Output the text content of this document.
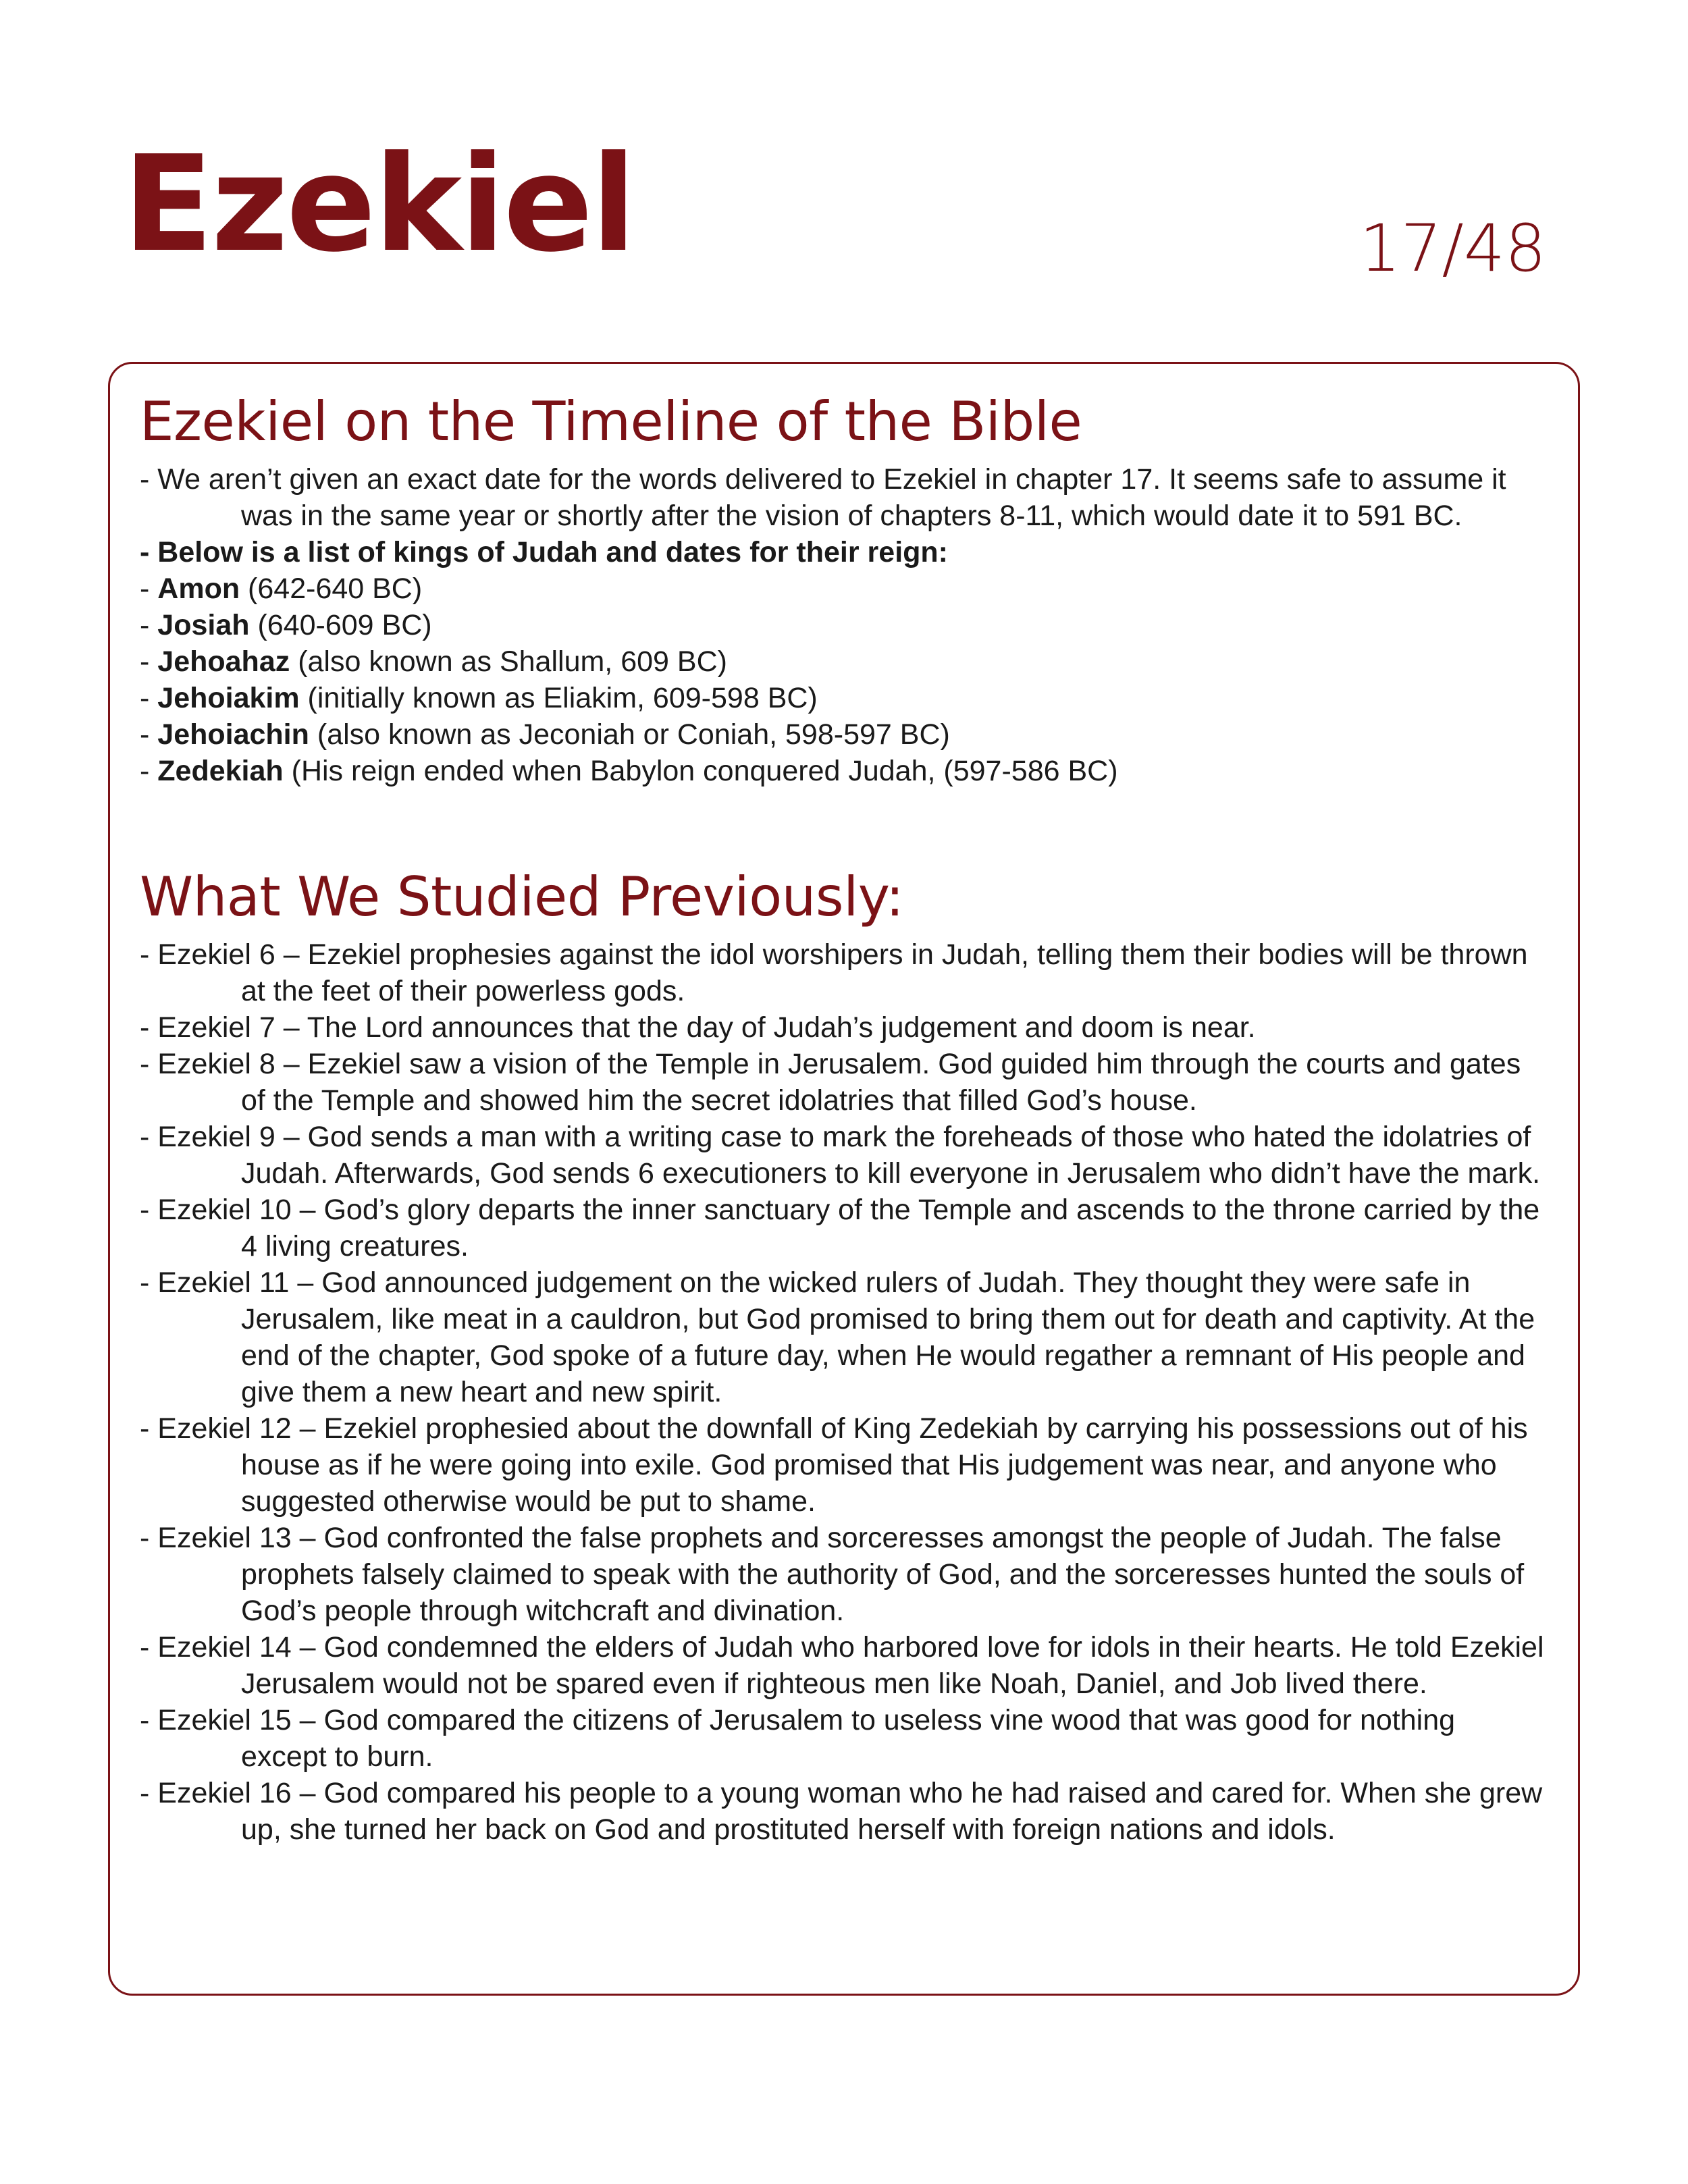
Ezekiel	17/48
Ezekiel on the Timeline of the Bible
- We aren’t given an exact date for the words delivered to Ezekiel in chapter 17. It seems safe to assume it was in the same year or shortly after the vision of chapters 8-11, which would date it to 591 BC.
- Below is a list of kings of Judah and dates for their reign:
- Amon (642-640 BC)
- Josiah (640-609 BC)
- Jehoahaz (also known as Shallum, 609 BC)
- Jehoiakim (initially known as Eliakim, 609-598 BC)
- Jehoiachin (also known as Jeconiah or Coniah, 598-597 BC)
- Zedekiah (His reign ended when Babylon conquered Judah, (597-586 BC)
What We Studied Previously:
- Ezekiel 6 – Ezekiel prophesies against the idol worshipers in Judah, telling them their bodies will be thrown at the feet of their powerless gods.
- Ezekiel 7 – The Lord announces that the day of Judah’s judgement and doom is near.
- Ezekiel 8 – Ezekiel saw a vision of the Temple in Jerusalem. God guided him through the courts and gates of the Temple and showed him the secret idolatries that filled God’s house.
- Ezekiel 9 – God sends a man with a writing case to mark the foreheads of those who hated the idolatries of Judah. Afterwards, God sends 6 executioners to kill everyone in Jerusalem who didn’t have the mark.
- Ezekiel 10 – God’s glory departs the inner sanctuary of the Temple and ascends to the throne carried by the 4 living creatures.
- Ezekiel 11 – God announced judgement on the wicked rulers of Judah. They thought they were safe in Jerusalem, like meat in a cauldron, but God promised to bring them out for death and captivity. At the end of the chapter, God spoke of a future day, when He would regather a remnant of His people and give them a new heart and new spirit.
- Ezekiel 12 – Ezekiel prophesied about the downfall of King Zedekiah by carrying his possessions out of his house as if he were going into exile. God promised that His judgement was near, and anyone who suggested otherwise would be put to shame.
- Ezekiel 13 – God confronted the false prophets and sorceresses amongst the people of Judah. The false prophets falsely claimed to speak with the authority of God, and the sorceresses hunted the souls of God’s people through witchcraft and divination.
- Ezekiel 14 – God condemned the elders of Judah who harbored love for idols in their hearts. He told Ezekiel Jerusalem would not be spared even if righteous men like Noah, Daniel, and Job lived there.
- Ezekiel 15 – God compared the citizens of Jerusalem to useless vine wood that was good for nothing except to burn.
- Ezekiel 16 – God compared his people to a young woman who he had raised and cared for. When she grew up, she turned her back on God and prostituted herself with foreign nations and idols.
